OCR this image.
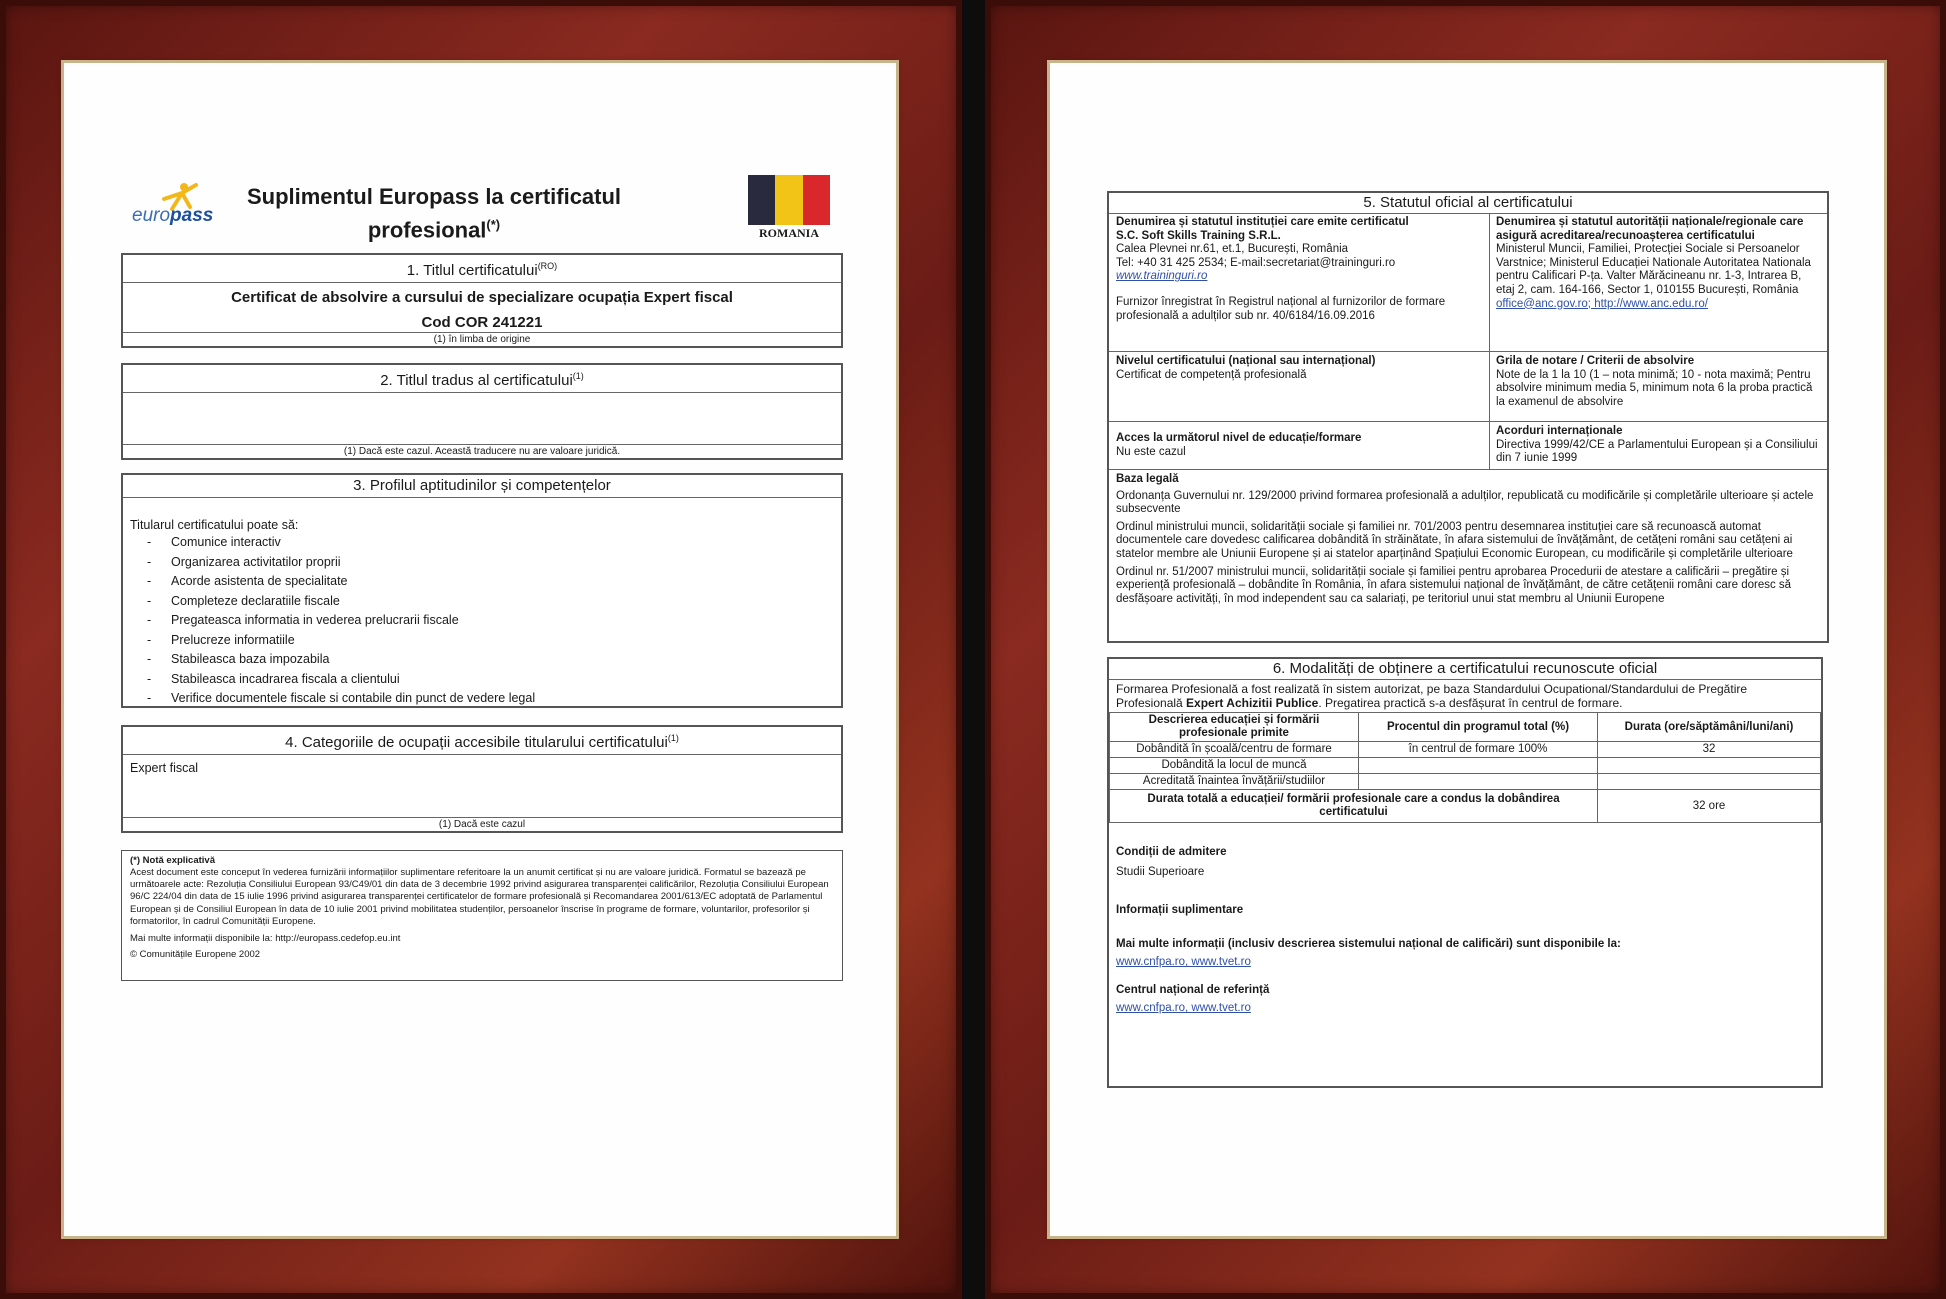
europass
Suplimentul Europass la certificatul
profesional(*)
ROMANIA
1. Titlul certificatului$^{(RO)}$
Certificat de absolvire a cursului de specializare ocupația Expert fiscal
Cod COR 241221
(1) în limba de origine
2. Titlul tradus al certificatului$^{(1)}$
(1) Dacă este cazul. Această traducere nu are valoare juridică.
3. Profilul aptitudinilor și competențelor
Titularul certificatului poate să:
- Comunice interactiv
- Organizarea activitatilor proprii
- Acorde asistenta de specialitate
- Completeze declaratiile fiscale
- Pregateasca informatia in vederea prelucrarii fiscale
- Prelucreze informatiile
- Stabileasca baza impozabila
- Stabileasca incadrarea fiscala a clientului
- Verifice documentele fiscale si contabile din punct de vedere legal
4. Categoriile de ocupații accesibile titularului certificatului$^{(1)}$
Expert fiscal
(1) Dacă este cazul
(*) Notă explicativă
Acest document este conceput în vederea furnizării informațiilor suplimentare referitoare la un anumit certificat și nu are valoare juridică. Formatul se bazează pe următoarele acte: Rezoluția Consiliului European 93/C49/01 din data de 3 decembrie 1992 privind asigurarea transparenței calificărilor, Rezoluția Consiliului European 96/C 224/04 din data de 15 iulie 1996 privind asigurarea transparenței certificatelor de formare profesională și Recomandarea 2001/613/EC adoptată de Parlamentul European și de Consiliul European în data de 10 iulie 2001 privind mobilitatea studenților, persoanelor înscrise în programe de formare, voluntarilor, profesorilor și formatorilor, în cadrul Comunității Europene.
Mai multe informații disponibile la: http://europass.cedefop.eu.int
© Comunitățile Europene 2002
5. Statutul oficial al certificatului
Denumirea și statutul instituției care emite certificatul
S.C. Soft Skills Training S.R.L.
Calea Plevnei nr.61, et.1, București, România
Tel: +40 31 425 2534; E-mail:secretariat@traininguri.ro
www.traininguri.ro
Furnizor înregistrat în Registrul național al furnizorilor de formare profesională a adulților sub nr. 40/6184/16.09.2016
Denumirea și statutul autorității naționale/regionale care asigură acreditarea/recunoașterea certificatului
Ministerul Muncii, Familiei, Protecției Sociale si Persoanelor Varstnice; Ministerul Educației Nationale Autoritatea Nationala pentru Calificari P-ța. Valter Mărăcineanu nr. 1-3, Intrarea B, etaj 2, cam. 164-166, Sector 1, 010155 București, România
office@anc.gov.ro; http://www.anc.edu.ro/
Nivelul certificatului (național sau internațional)
Certificat de competență profesională
Grila de notare / Criterii de absolvire
Note de la 1 la 10 (1 – nota minimă; 10 - nota maximă; Pentru absolvire minimum media 5, minimum nota 6 la proba practică la examenul de absolvire
Acces la următorul nivel de educație/formare
Nu este cazul
Acorduri internaționale
Directiva 1999/42/CE a Parlamentului European și a Consiliului din 7 iunie 1999
Baza legală
Ordonanța Guvernului nr. 129/2000 privind formarea profesională a adulților, republicată cu modificările și completările ulterioare și actele subsecvente
Ordinul ministrului muncii, solidarității sociale și familiei nr. 701/2003 pentru desemnarea instituției care să recunoască automat documentele care dovedesc calificarea dobândită în străinătate, în afara sistemului de învățământ, de cetățeni români sau cetățeni ai statelor membre ale Uniunii Europene și ai statelor aparținând Spațiului Economic European, cu modificările și completările ulterioare
Ordinul nr. 51/2007 ministrului muncii, solidarității sociale și familiei pentru aprobarea Procedurii de atestare a calificării – pregătire și experiență profesională – dobândite în România, în afara sistemului național de învățământ, de către cetățenii români care doresc să desfășoare activități, în mod independent sau ca salariați, pe teritoriul unui stat membru al Uniunii Europene
6. Modalități de obținere a certificatului recunoscute oficial
Formarea Profesională a fost realizată în sistem autorizat, pe baza Standardului Ocupational/Standardului de Pregătire Profesională Expert Achizitii Publice. Pregatirea practică s-a desfășurat în centrul de formare.
Descrierea educației și formării profesionale primite	Procentul din programul total (%)	Durata (ore/săptămâni/luni/ani)
Dobândită în școală/centru de formare	în centrul de formare 100%	32
Dobândită la locul de muncă		
Acreditată înaintea învățării/studiilor		
Durata totală a educației/ formării profesionale care a condus la dobândirea certificatului		32 ore
Condiții de admitere
Studii Superioare
Informații suplimentare
Mai multe informații (inclusiv descrierea sistemului național de calificări) sunt disponibile la:
www.cnfpa.ro, www.tvet.ro
Centrul național de referință
www.cnfpa.ro, www.tvet.ro
